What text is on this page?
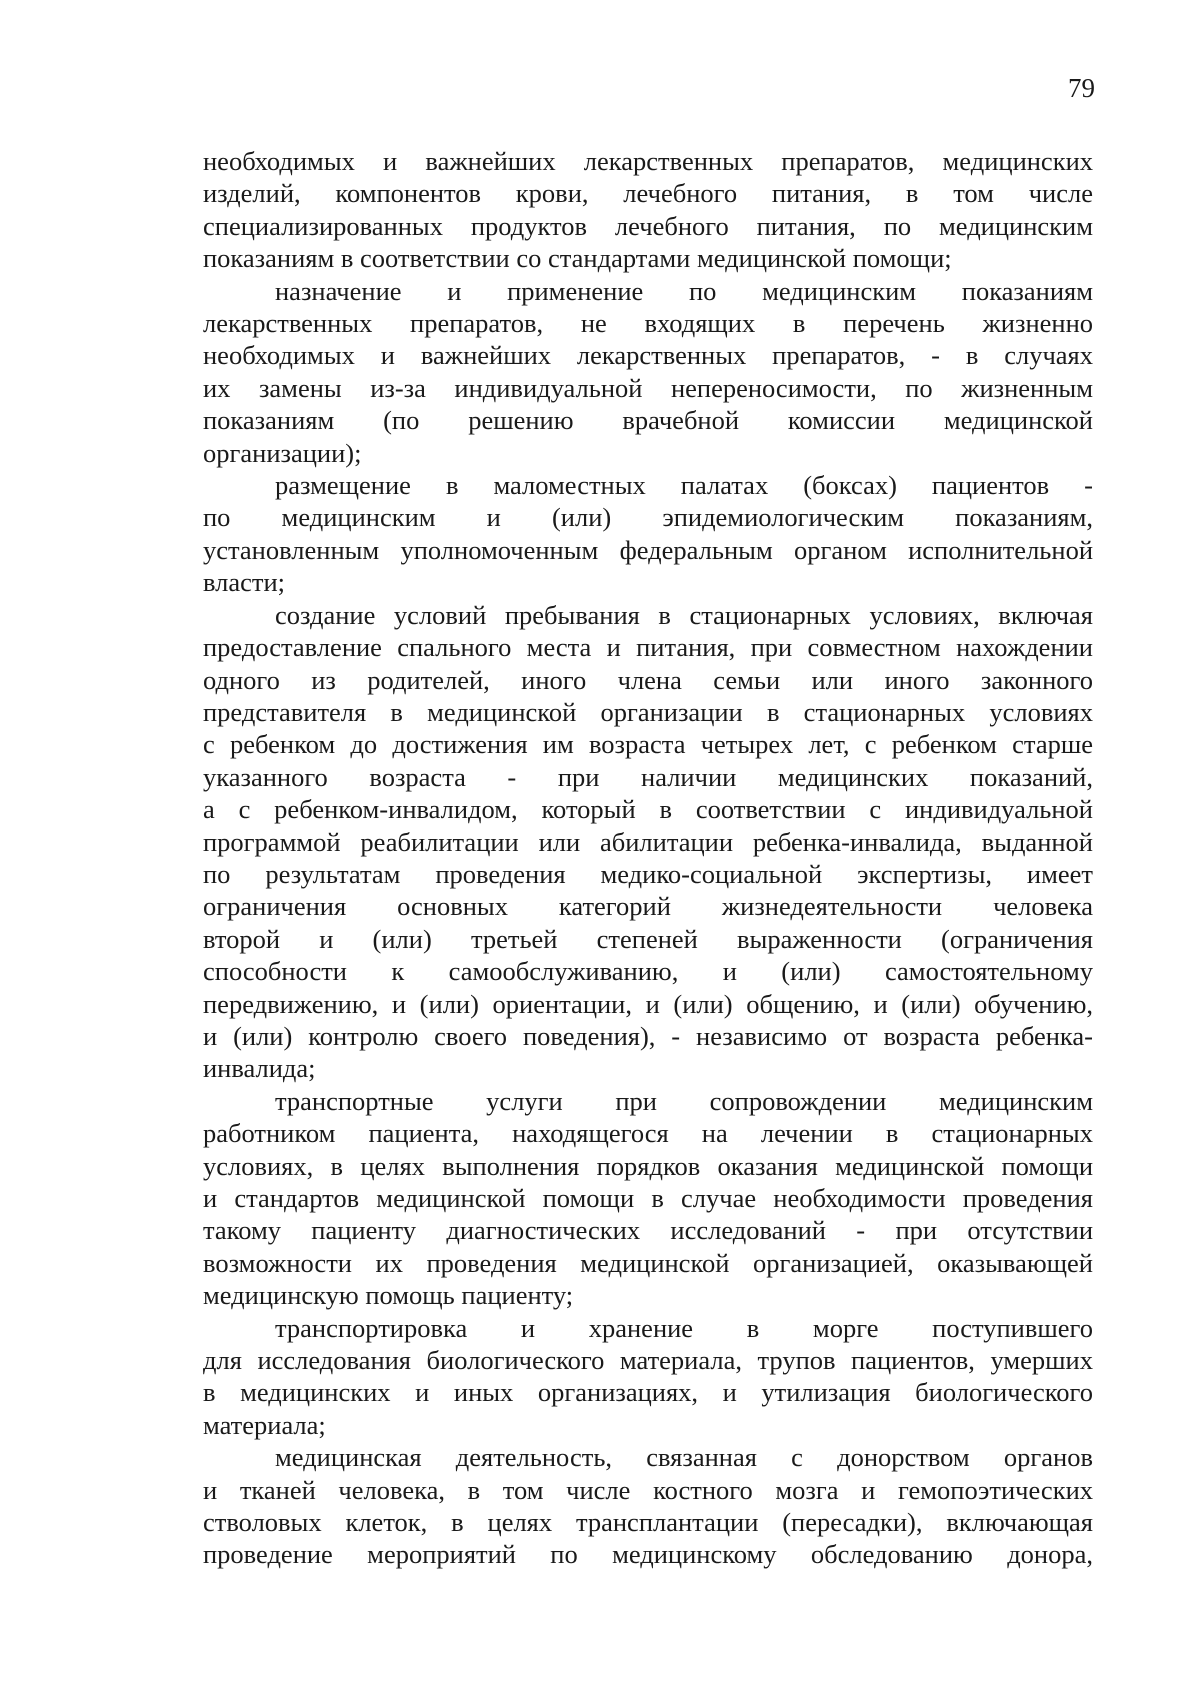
79
необходимых и важнейших лекарственных препаратов, медицинских
изделий, компонентов крови, лечебного питания, в том числе
специализированных продуктов лечебного питания, по медицинским
показаниям в соответствии со стандартами медицинской помощи;
назначение и применение по медицинским показаниям
лекарственных препаратов, не входящих в перечень жизненно
необходимых и важнейших лекарственных препаратов, - в случаях
их замены из-за индивидуальной непереносимости, по жизненным
показаниям (по решению врачебной комиссии медицинской
организации);
размещение в маломестных палатах (боксах) пациентов -
по медицинским и (или) эпидемиологическим показаниям,
установленным уполномоченным федеральным органом исполнительной
власти;
создание условий пребывания в стационарных условиях, включая
предоставление спального места и питания, при совместном нахождении
одного из родителей, иного члена семьи или иного законного
представителя в медицинской организации в стационарных условиях
с ребенком до достижения им возраста четырех лет, с ребенком старше
указанного возраста - при наличии медицинских показаний,
а с ребенком-инвалидом, который в соответствии с индивидуальной
программой реабилитации или абилитации ребенка-инвалида, выданной
по результатам проведения медико-социальной экспертизы, имеет
ограничения основных категорий жизнедеятельности человека
второй и (или) третьей степеней выраженности (ограничения
способности к самообслуживанию, и (или) самостоятельному
передвижению, и (или) ориентации, и (или) общению, и (или) обучению,
и (или) контролю своего поведения), - независимо от возраста ребенка-
инвалида;
транспортные услуги при сопровождении медицинским
работником пациента, находящегося на лечении в стационарных
условиях, в целях выполнения порядков оказания медицинской помощи
и стандартов медицинской помощи в случае необходимости проведения
такому пациенту диагностических исследований - при отсутствии
возможности их проведения медицинской организацией, оказывающей
медицинскую помощь пациенту;
транспортировка и хранение в морге поступившего
для исследования биологического материала, трупов пациентов, умерших
в медицинских и иных организациях, и утилизация биологического
материала;
медицинская деятельность, связанная с донорством органов
и тканей человека, в том числе костного мозга и гемопоэтических
стволовых клеток, в целях трансплантации (пересадки), включающая
проведение мероприятий по медицинскому обследованию донора,
